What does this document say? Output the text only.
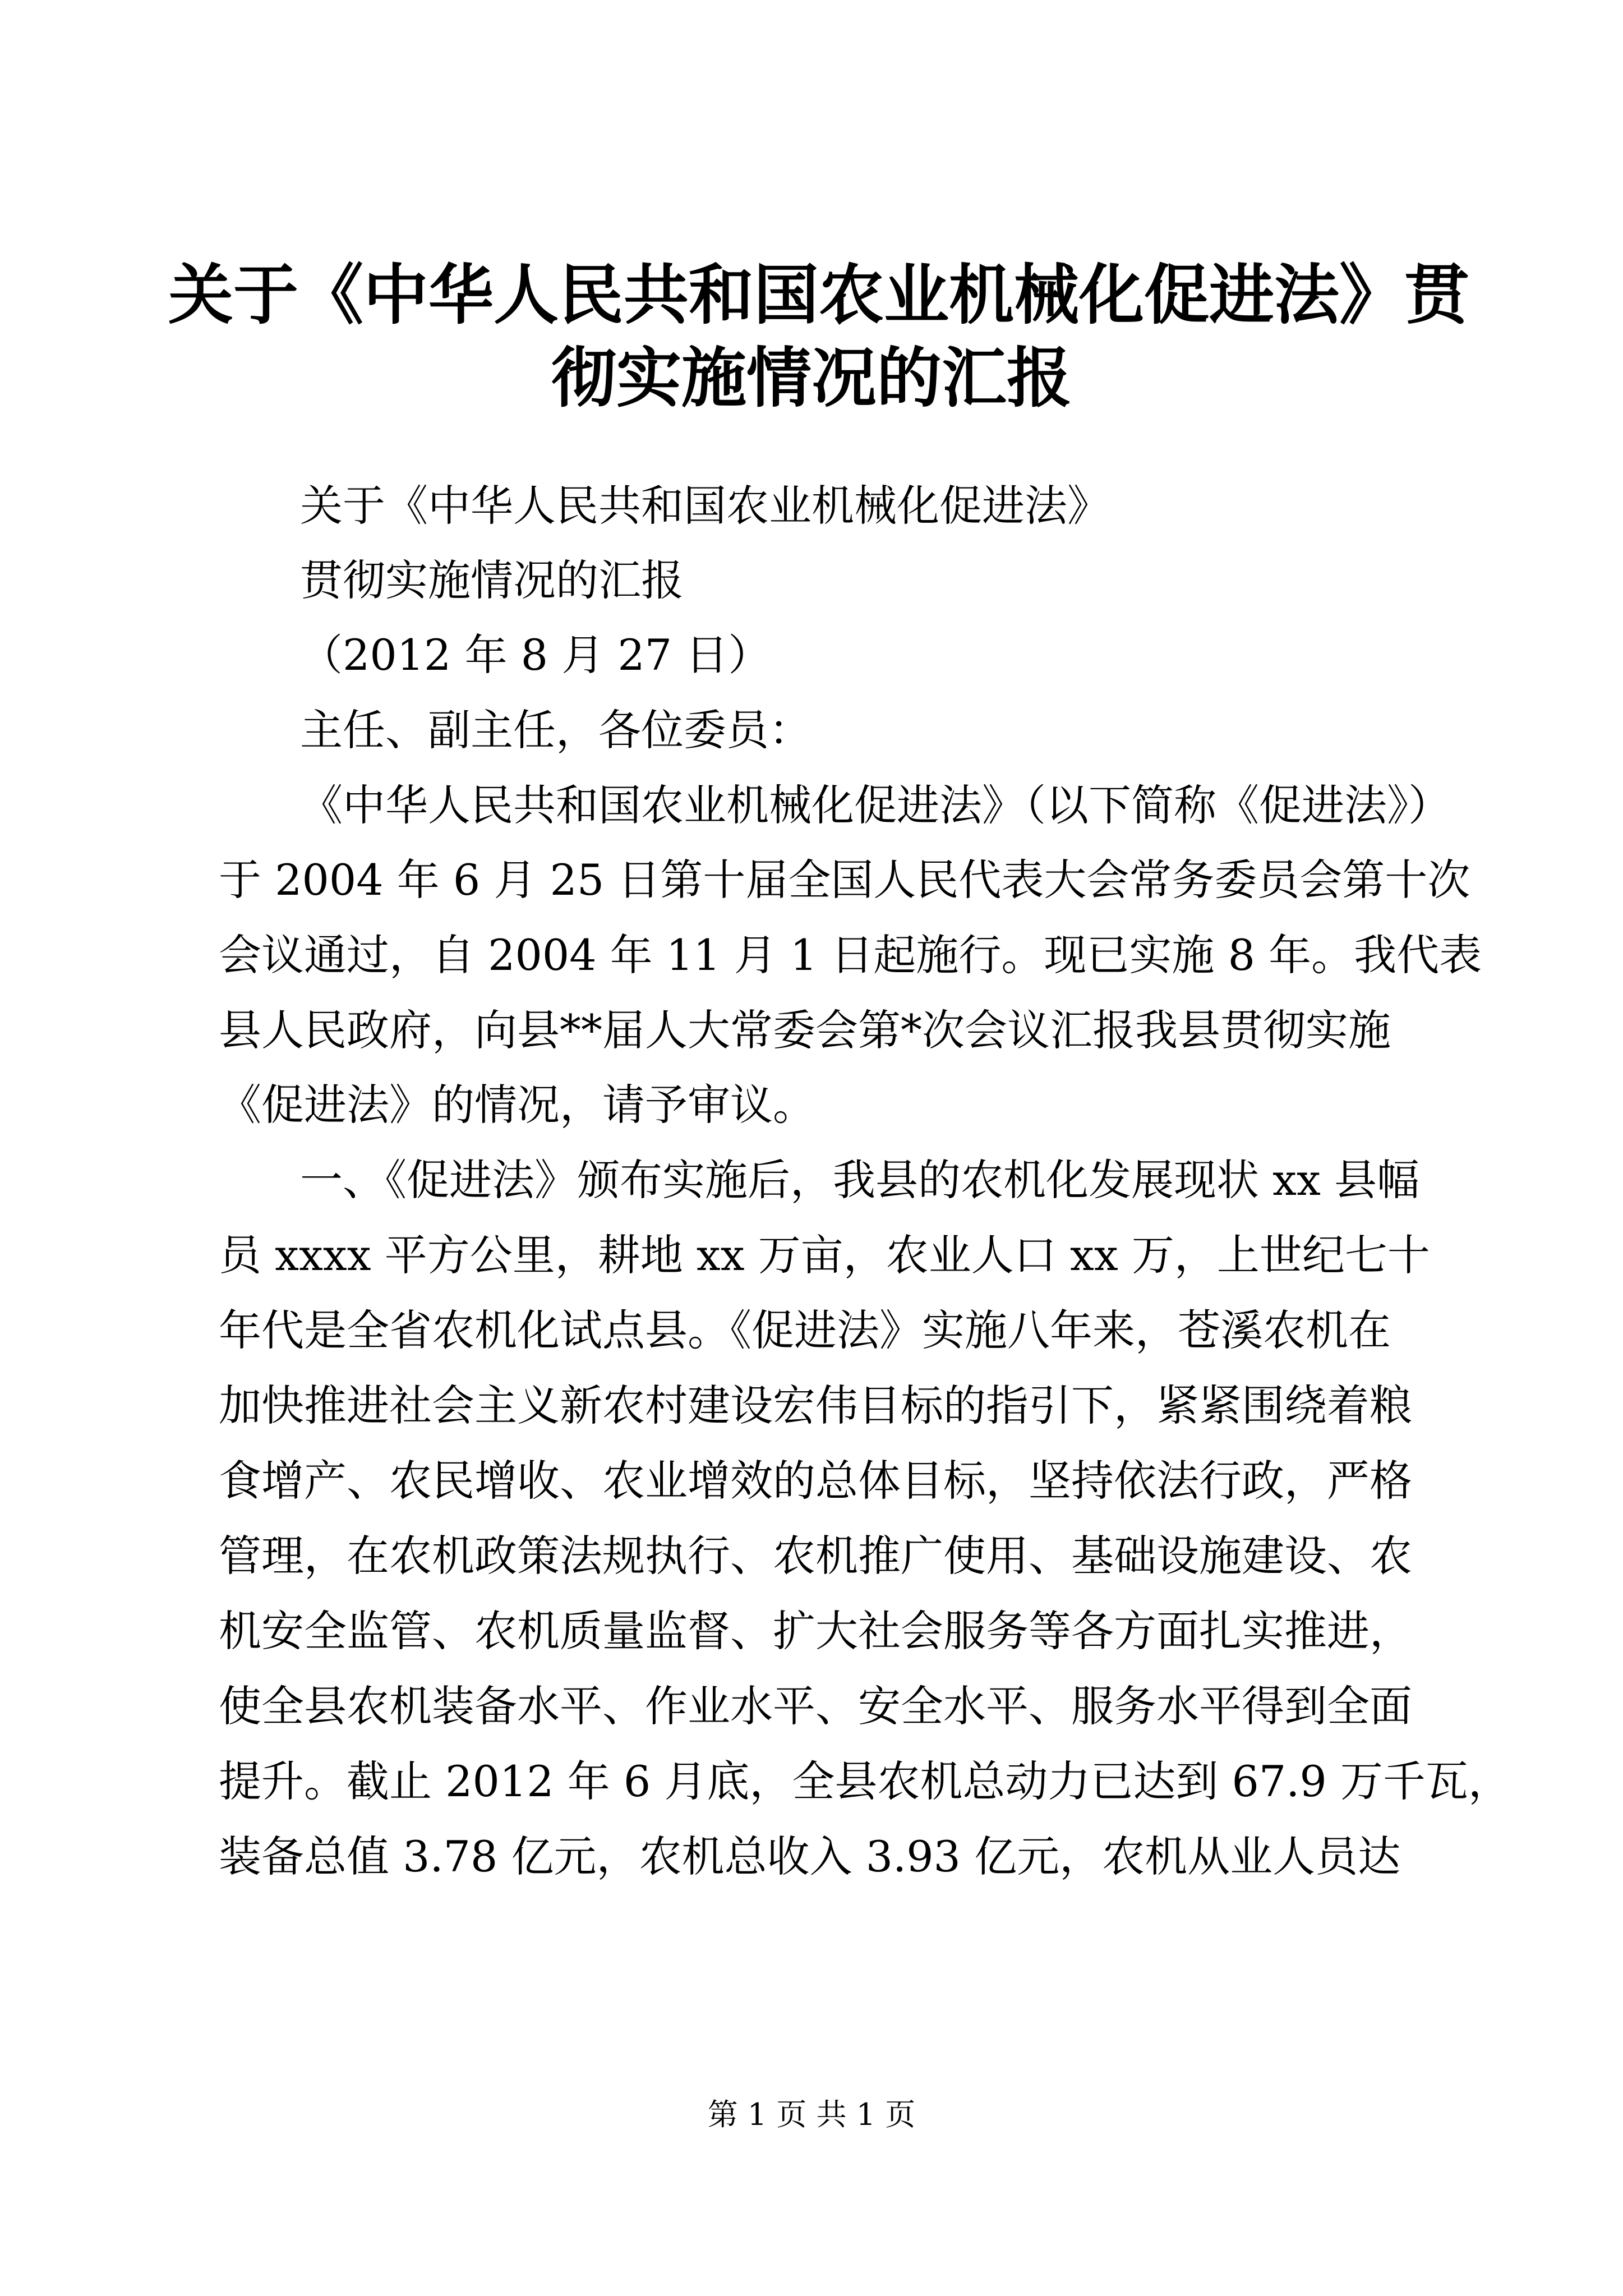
关于《中华人民共和国农业机械化促进法》贯
彻实施情况的汇报

关于《中华人民共和国农业机械化促进法》

贯彻实施情况的汇报

（2012 年 8 月 27 日）

主任、副主任，各位委员：

《中华人民共和国农业机械化促进法》（以下简称《促进法》）

于 2004 年 6 月 25 日第十届全国人民代表大会常务委员会第十次

会议通过，自 2004 年 11 月 1 日起施行。现已实施 8 年。我代表

县人民政府，向县**届人大常委会第*次会议汇报我县贯彻实施

《促进法》的情况，请予审议。

一、《促进法》颁布实施后，我县的农机化发展现状 xx 县幅

员 xxxx 平方公里，耕地 xx 万亩，农业人口 xx 万，上世纪七十

年代是全省农机化试点县。《促进法》实施八年来，苍溪农机在

加快推进社会主义新农村建设宏伟目标的指引下，紧紧围绕着粮

食增产、农民增收、农业增效的总体目标，坚持依法行政，严格

管理，在农机政策法规执行、农机推广使用、基础设施建设、农

机安全监管、农机质量监督、扩大社会服务等各方面扎实推进，

使全县农机装备水平、作业水平、安全水平、服务水平得到全面

提升。截止 2012 年 6 月底，全县农机总动力已达到 67.9 万千瓦，

装备总值 3.78 亿元，农机总收入 3.93 亿元，农机从业人员达

第 1 页 共 1 页
